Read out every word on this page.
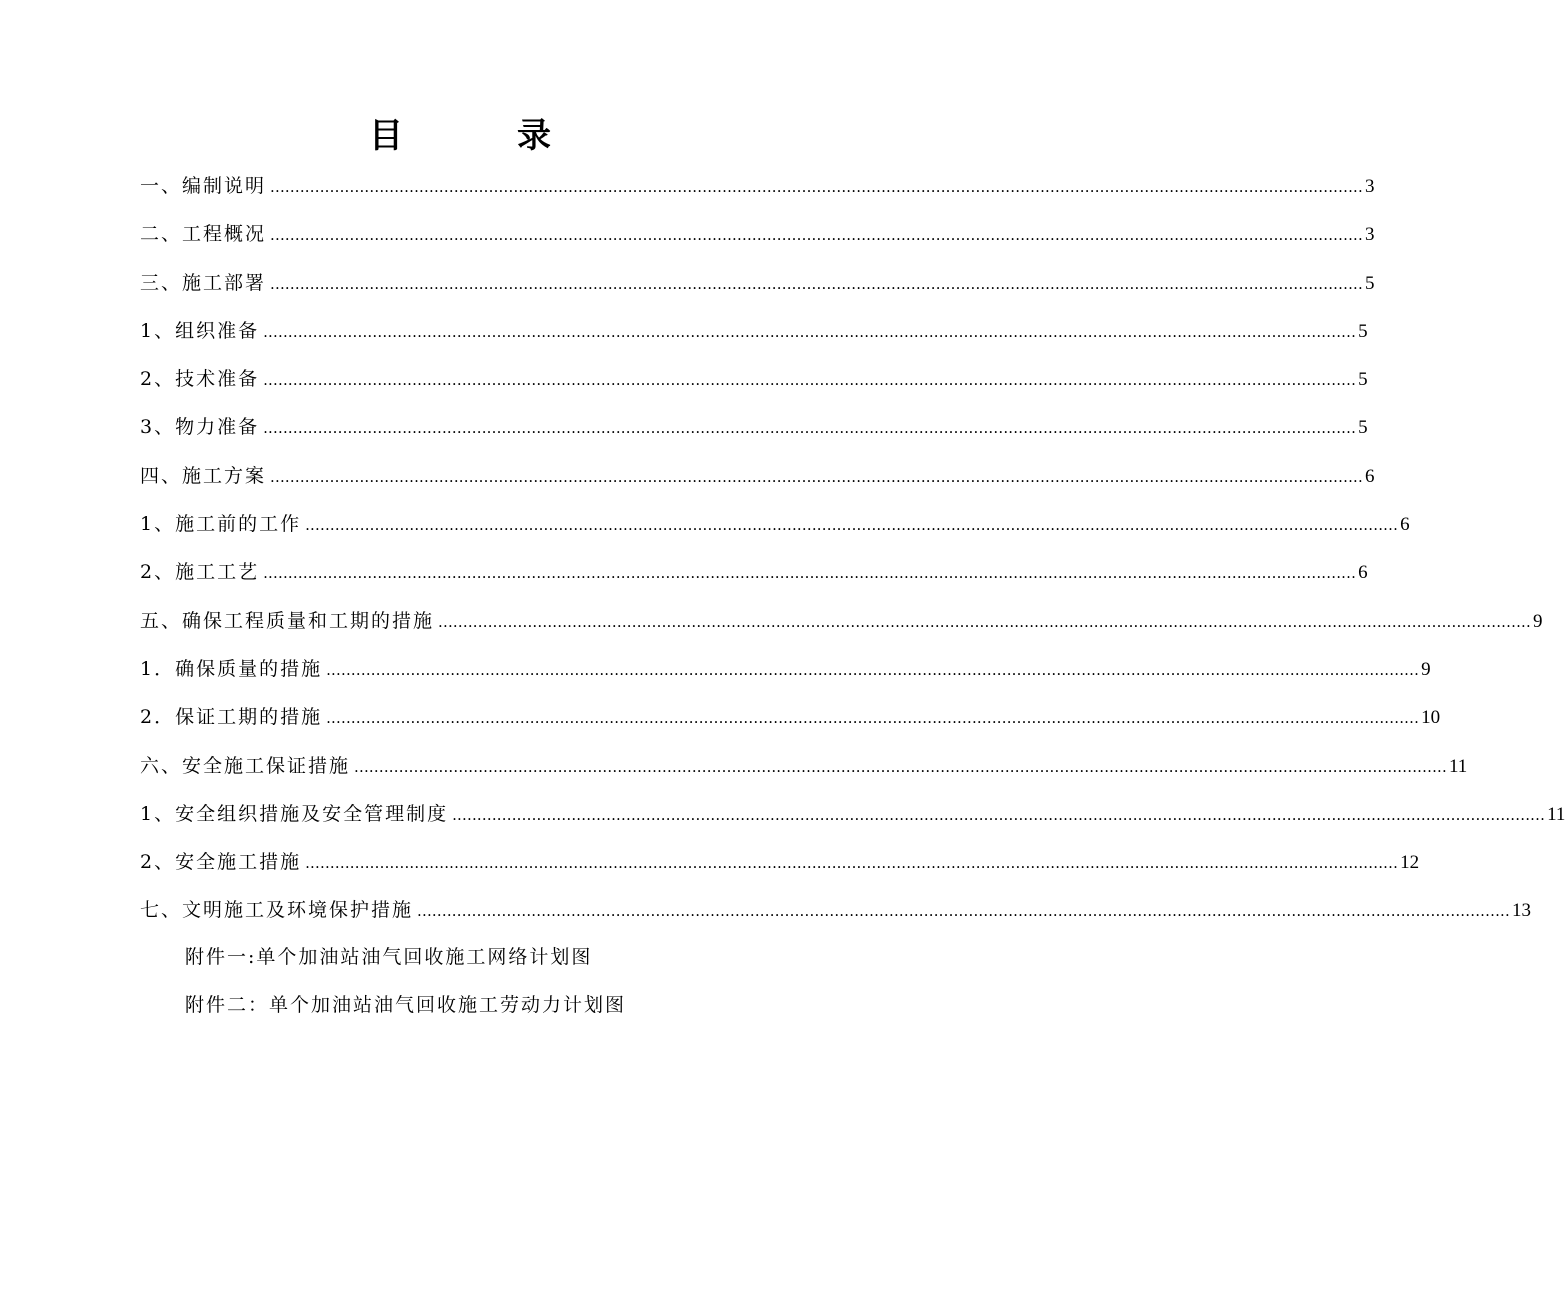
目　录
一、编制说明 ............................................................................................................................................................................................................................ 3
二、工程概况 ............................................................................................................................................................................................................................ 3
三、施工部署 ............................................................................................................................................................................................................................ 5
1、组织准备 ............................................................................................................................................................................................................................ 5
2、技术准备 ............................................................................................................................................................................................................................ 5
3、物力准备 ............................................................................................................................................................................................................................ 5
四、施工方案 ............................................................................................................................................................................................................................ 6
1、施工前的工作 ............................................................................................................................................................................................................................ 6
2、施工工艺 ............................................................................................................................................................................................................................ 6
五、确保工程质量和工期的措施 ............................................................................................................................................................................................................................ 9
1．确保质量的措施 ............................................................................................................................................................................................................................ 9
2．保证工期的措施 ............................................................................................................................................................................................................................ 10
六、安全施工保证措施 ............................................................................................................................................................................................................................ 11
1、安全组织措施及安全管理制度 ............................................................................................................................................................................................................................ 11
2、安全施工措施 ............................................................................................................................................................................................................................ 12
七、文明施工及环境保护措施 ............................................................................................................................................................................................................................ 13
附件一:单个加油站油气回收施工网络计划图
附件二：单个加油站油气回收施工劳动力计划图
